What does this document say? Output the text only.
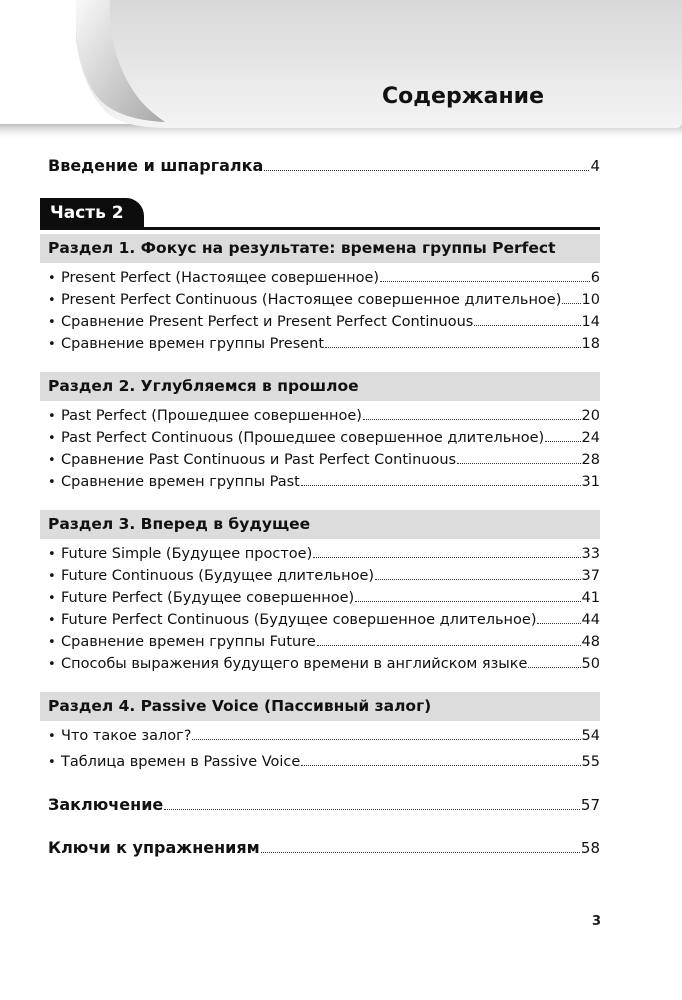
Содержание
Введение и шпаргалка	4
Часть 2
Раздел 1. Фокус на результате: времена группы Perfect
• Present Perfect (Настоящее совершенное)	6
• Present Perfect Continuous (Настоящее совершенное длительное) 10
• Сравнение Present Perfect и Present Perfect Continuous	14
• Сравнение времен группы Present	18
Раздел 2. Углубляемся в прошлое
• Past Perfect (Прошедшее совершенное)	20
• Past Perfect Continuous (Прошедшее совершенное длительное)	24
• Сравнение Past Continuous и Past Perfect Continuous	28
• Сравнение времен группы Past	31
Раздел 3. Вперед в будущее
• Future Simple (Будущее простое)	33
• Future Continuous (Будущее длительное)	37
• Future Perfect (Будущее совершенное)	41
• Future Perfect Continuous (Будущее совершенное длительное)	44
• Сравнение времен группы Future	48
• Способы выражения будущего времени в английском языке	50
Раздел 4. Passive Voice (Пассивный залог)
• Что такое залог?	54
• Таблица времен в Passive Voice	55
Заключение	57
Ключи к упражнениям	58
3
